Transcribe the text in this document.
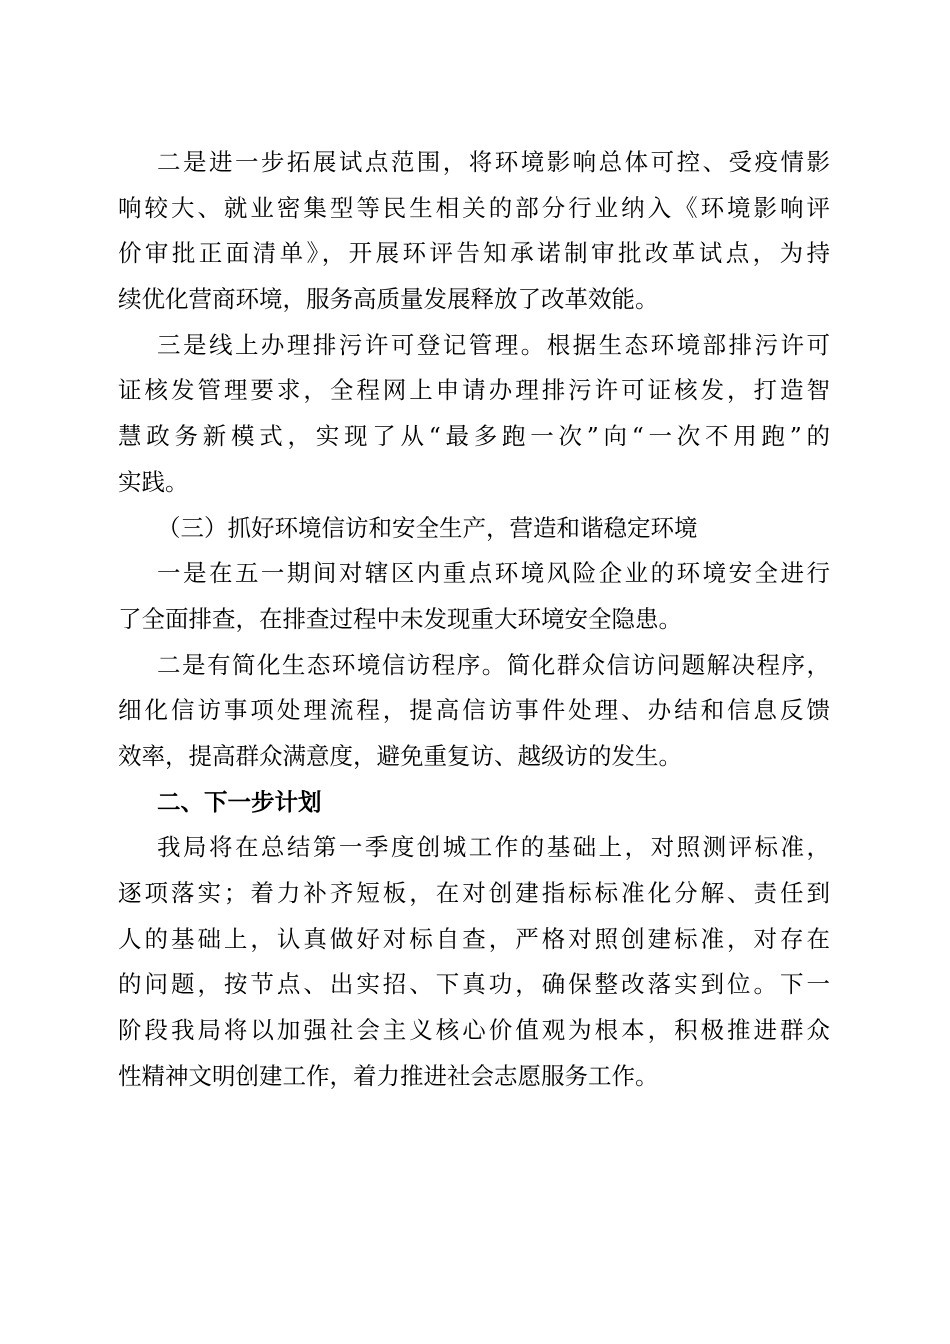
二是进一步拓展试点范围，将环境影响总体可控、受疫情影
响较大、就业密集型等民生相关的部分行业纳入《环境影响评
价审批正面清单》，开展环评告知承诺制审批改革试点，为持
续优化营商环境，服务高质量发展释放了改革效能。
三是线上办理排污许可登记管理。根据生态环境部排污许可
证核发管理要求，全程网上申请办理排污许可证核发，打造智
慧政务新模式，实现了从“最多跑一次”向“一次不用跑”的
实践。
（三）抓好环境信访和安全生产，营造和谐稳定环境
一是在五一期间对辖区内重点环境风险企业的环境安全进行
了全面排查，在排查过程中未发现重大环境安全隐患。
二是有简化生态环境信访程序。简化群众信访问题解决程序，
细化信访事项处理流程，提高信访事件处理、办结和信息反馈
效率，提高群众满意度，避免重复访、越级访的发生。
二、下一步计划
我局将在总结第一季度创城工作的基础上，对照测评标准，
逐项落实；着力补齐短板，在对创建指标标准化分解、责任到
人的基础上，认真做好对标自查，严格对照创建标准，对存在
的问题，按节点、出实招、下真功，确保整改落实到位。下一
阶段我局将以加强社会主义核心价值观为根本，积极推进群众
性精神文明创建工作，着力推进社会志愿服务工作。
